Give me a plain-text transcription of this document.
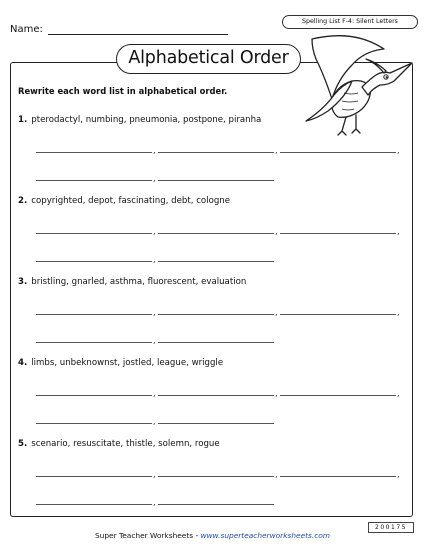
Name:
Spelling List F-4: Silent Letters
Alphabetical Order
Rewrite each word list in alphabetical order.
1. pterodactyl, numbing, pneumonia, postpone, piranha
,	,	,
,
2. copyrighted, depot, fascinating, debt, cologne
,	,	,
,
3. bristling, gnarled, asthma, fluorescent, evaluation
,	,	,
,
4. limbs, unbeknownst, jostled, league, wriggle
,	,	,
,
5. scenario, resuscitate, thistle, solemn, rogue
,	,	,
,
200175
Super Teacher Worksheets - www.superteacherworksheets.com
